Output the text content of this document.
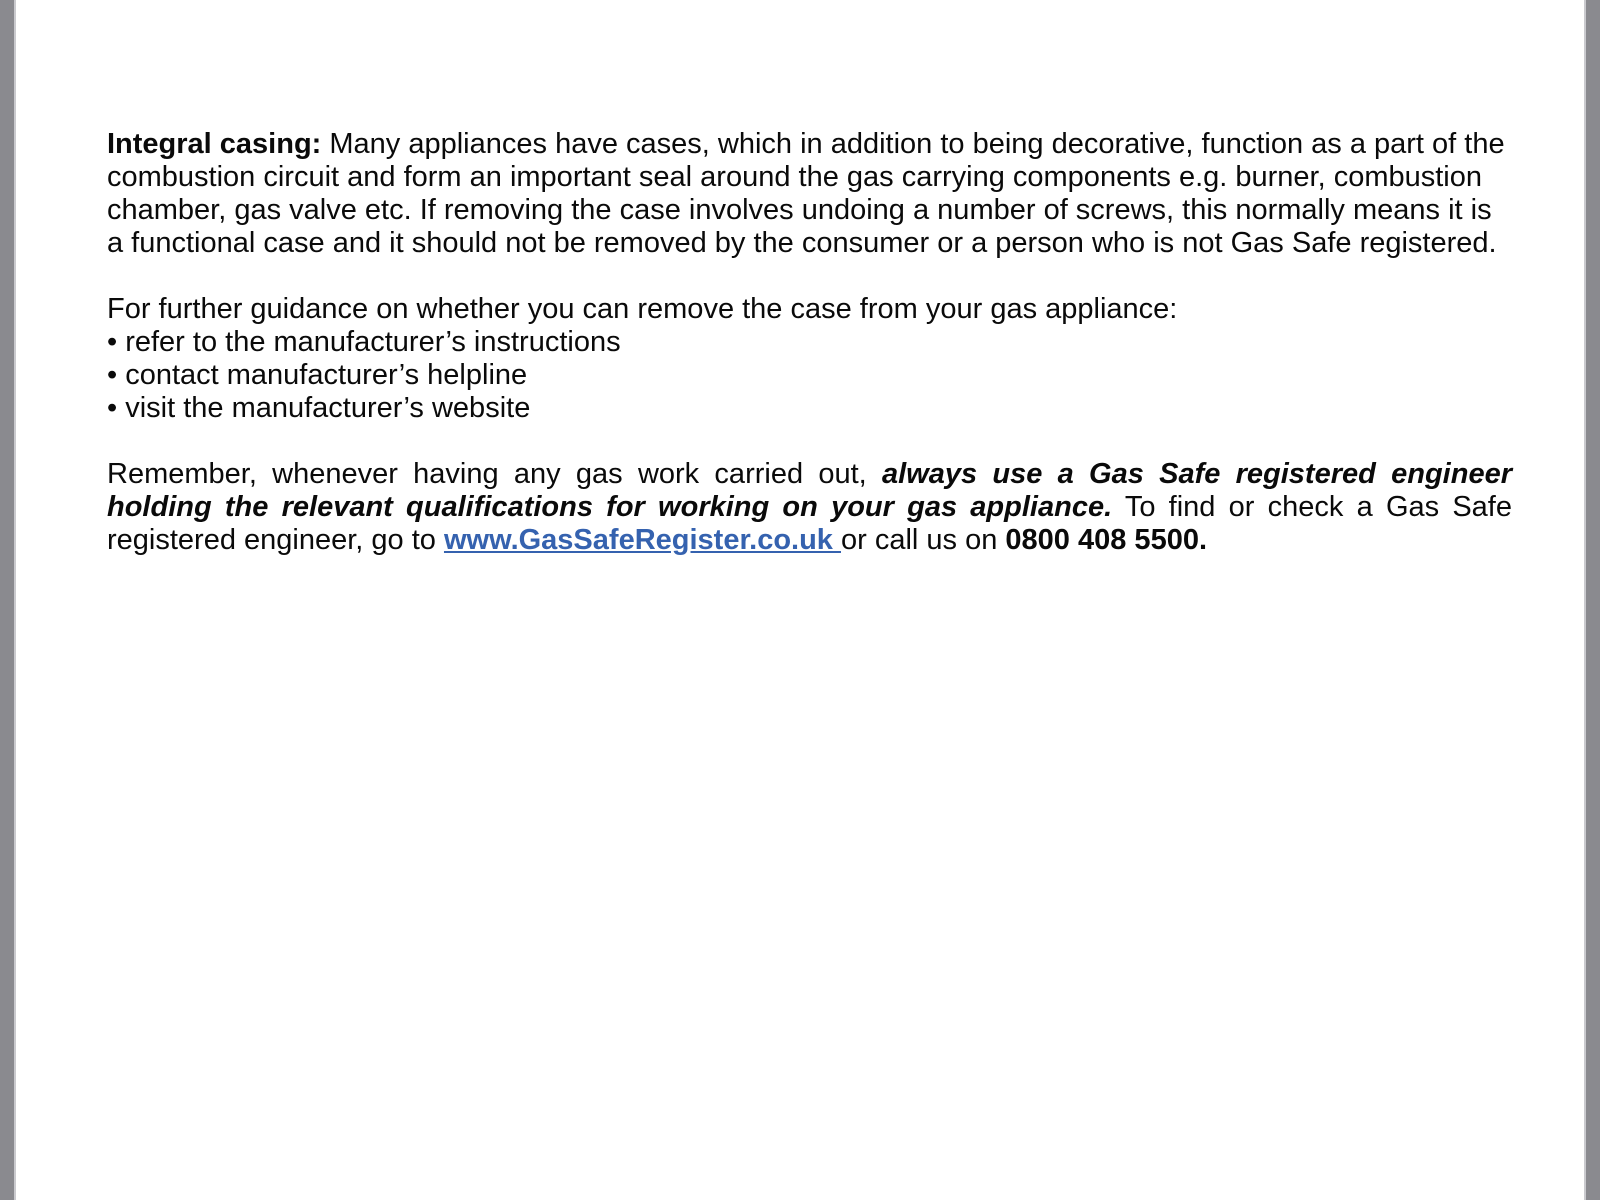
Integral casing: Many appliances have cases, which in addition to being decorative, function as a part of the
combustion circuit and form an important seal around the gas carrying components e.g. burner, combustion
chamber, gas valve etc. If removing the case involves undoing a number of screws, this normally means it is
a functional case and it should not be removed by the consumer or a person who is not Gas Safe registered.
For further guidance on whether you can remove the case from your gas appliance:
• refer to the manufacturer’s instructions
• contact manufacturer’s helpline
• visit the manufacturer’s website
Remember, whenever having any gas work carried out, always use a Gas Safe registered engineer
holding the relevant qualifications for working on your gas appliance. To find or check a Gas Safe
registered engineer, go to www.GasSafeRegister.co.uk or call us on 0800 408 5500.
